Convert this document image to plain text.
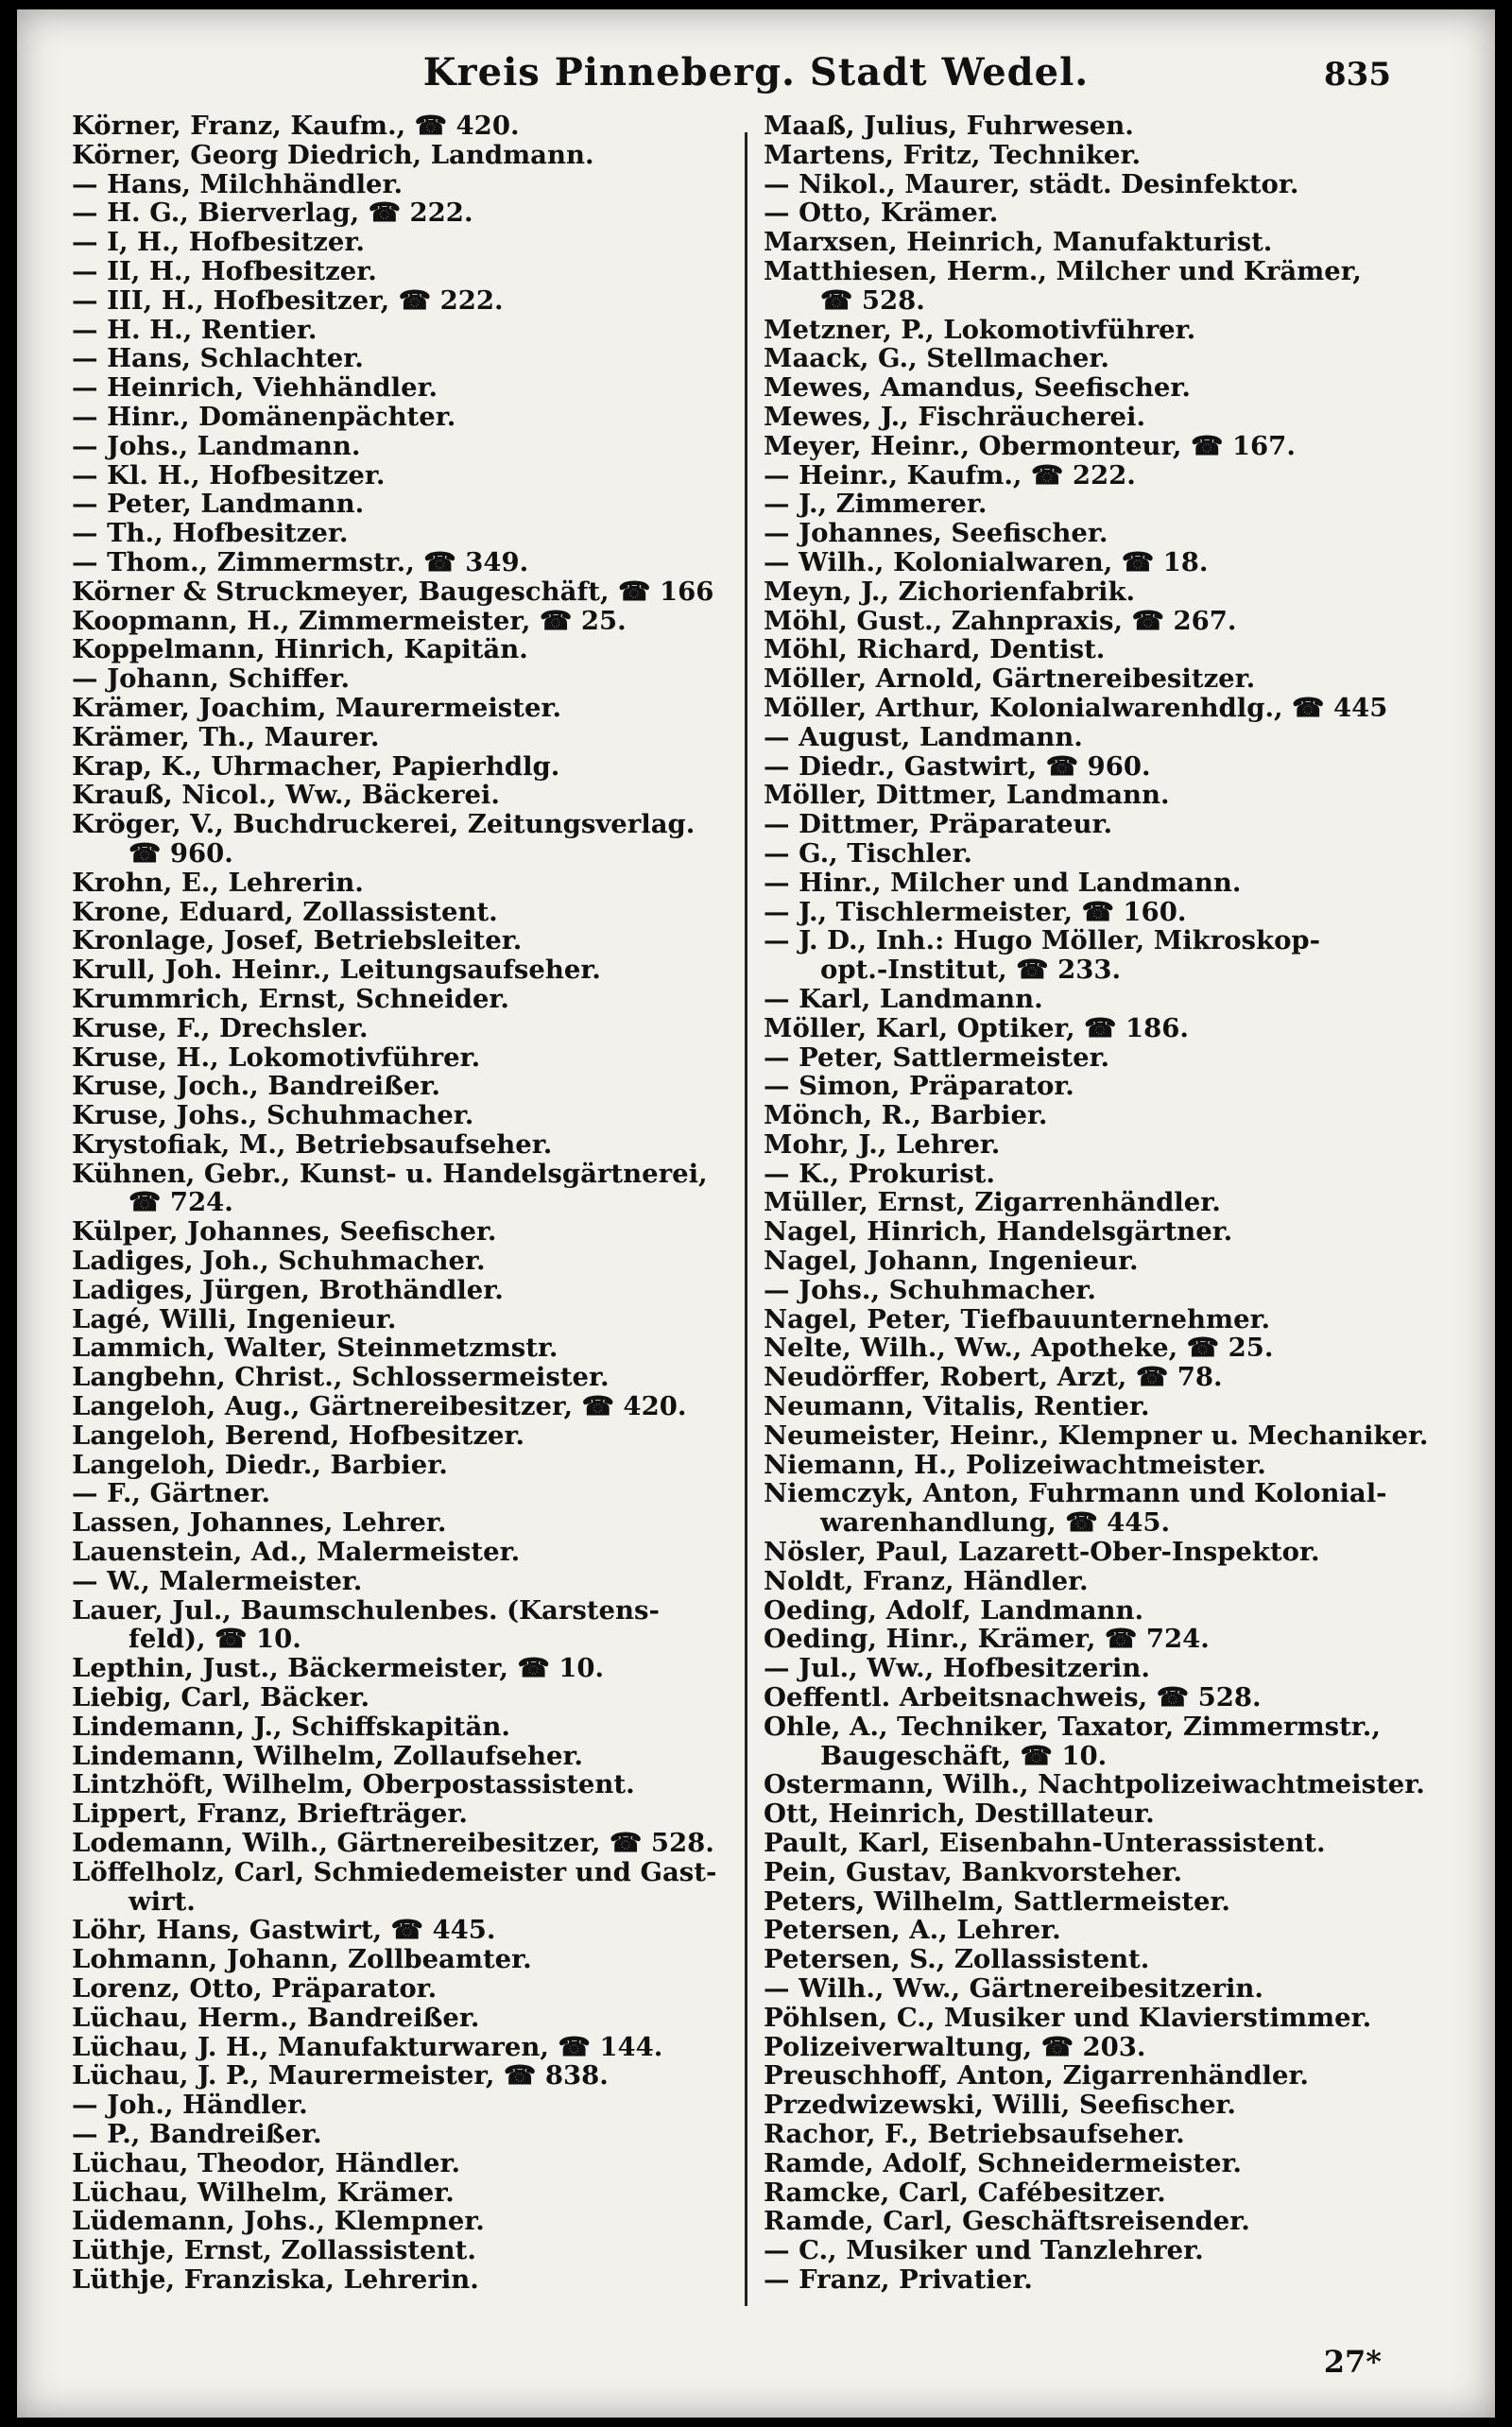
Kreis Pinneberg. Stadt Wedel.	835
Körner, Franz, Kaufm., ☎ 420.
Körner, Georg Diedrich, Landmann.
— Hans, Milchhändler.
— H. G., Bierverlag, ☎ 222.
— I, H., Hofbesitzer.
— II, H., Hofbesitzer.
— III, H., Hofbesitzer, ☎ 222.
— H. H., Rentier.
— Hans, Schlachter.
— Heinrich, Viehhändler.
— Hinr., Domänenpächter.
— Johs., Landmann.
— Kl. H., Hofbesitzer.
— Peter, Landmann.
— Th., Hofbesitzer.
— Thom., Zimmermstr., ☎ 349.
Körner & Struckmeyer, Baugeschäft, ☎ 166
Koopmann, H., Zimmermeister, ☎ 25.
Koppelmann, Hinrich, Kapitän.
— Johann, Schiffer.
Krämer, Joachim, Maurermeister.
Krämer, Th., Maurer.
Krap, K., Uhrmacher, Papierhdlg.
Krauß, Nicol., Ww., Bäckerei.
Kröger, V., Buchdruckerei, Zeitungsverlag.
☎ 960.
Krohn, E., Lehrerin.
Krone, Eduard, Zollassistent.
Kronlage, Josef, Betriebsleiter.
Krull, Joh. Heinr., Leitungsaufseher.
Krummrich, Ernst, Schneider.
Kruse, F., Drechsler.
Kruse, H., Lokomotivführer.
Kruse, Joch., Bandreißer.
Kruse, Johs., Schuhmacher.
Krystofiak, M., Betriebsaufseher.
Kühnen, Gebr., Kunst- u. Handelsgärtnerei,
☎ 724.
Külper, Johannes, Seefischer.
Ladiges, Joh., Schuhmacher.
Ladiges, Jürgen, Brothändler.
Lagé, Willi, Ingenieur.
Lammich, Walter, Steinmetzmstr.
Langbehn, Christ., Schlossermeister.
Langeloh, Aug., Gärtnereibesitzer, ☎ 420.
Langeloh, Berend, Hofbesitzer.
Langeloh, Diedr., Barbier.
— F., Gärtner.
Lassen, Johannes, Lehrer.
Lauenstein, Ad., Malermeister.
— W., Malermeister.
Lauer, Jul., Baumschulenbes. (Karstens-
feld), ☎ 10.
Lepthin, Just., Bäckermeister, ☎ 10.
Liebig, Carl, Bäcker.
Lindemann, J., Schiffskapitän.
Lindemann, Wilhelm, Zollaufseher.
Lintzhöft, Wilhelm, Oberpostassistent.
Lippert, Franz, Briefträger.
Lodemann, Wilh., Gärtnereibesitzer, ☎ 528.
Löffelholz, Carl, Schmiedemeister und Gast-
wirt.
Löhr, Hans, Gastwirt, ☎ 445.
Lohmann, Johann, Zollbeamter.
Lorenz, Otto, Präparator.
Lüchau, Herm., Bandreißer.
Lüchau, J. H., Manufakturwaren, ☎ 144.
Lüchau, J. P., Maurermeister, ☎ 838.
— Joh., Händler.
— P., Bandreißer.
Lüchau, Theodor, Händler.
Lüchau, Wilhelm, Krämer.
Lüdemann, Johs., Klempner.
Lüthje, Ernst, Zollassistent.
Lüthje, Franziska, Lehrerin.
Maaß, Julius, Fuhrwesen.
Martens, Fritz, Techniker.
— Nikol., Maurer, städt. Desinfektor.
— Otto, Krämer.
Marxsen, Heinrich, Manufakturist.
Matthiesen, Herm., Milcher und Krämer,
☎ 528.
Metzner, P., Lokomotivführer.
Maack, G., Stellmacher.
Mewes, Amandus, Seefischer.
Mewes, J., Fischräucherei.
Meyer, Heinr., Obermonteur, ☎ 167.
— Heinr., Kaufm., ☎ 222.
— J., Zimmerer.
— Johannes, Seefischer.
— Wilh., Kolonialwaren, ☎ 18.
Meyn, J., Zichorienfabrik.
Möhl, Gust., Zahnpraxis, ☎ 267.
Möhl, Richard, Dentist.
Möller, Arnold, Gärtnereibesitzer.
Möller, Arthur, Kolonialwarenhdlg., ☎ 445
— August, Landmann.
— Diedr., Gastwirt, ☎ 960.
Möller, Dittmer, Landmann.
— Dittmer, Präparateur.
— G., Tischler.
— Hinr., Milcher und Landmann.
— J., Tischlermeister, ☎ 160.
— J. D., Inh.: Hugo Möller, Mikroskop-
opt.-Institut, ☎ 233.
— Karl, Landmann.
Möller, Karl, Optiker, ☎ 186.
— Peter, Sattlermeister.
— Simon, Präparator.
Mönch, R., Barbier.
Mohr, J., Lehrer.
— K., Prokurist.
Müller, Ernst, Zigarrenhändler.
Nagel, Hinrich, Handelsgärtner.
Nagel, Johann, Ingenieur.
— Johs., Schuhmacher.
Nagel, Peter, Tiefbauunternehmer.
Nelte, Wilh., Ww., Apotheke, ☎ 25.
Neudörffer, Robert, Arzt, ☎ 78.
Neumann, Vitalis, Rentier.
Neumeister, Heinr., Klempner u. Mechaniker.
Niemann, H., Polizeiwachtmeister.
Niemczyk, Anton, Fuhrmann und Kolonial-
warenhandlung, ☎ 445.
Nösler, Paul, Lazarett-Ober-Inspektor.
Noldt, Franz, Händler.
Oeding, Adolf, Landmann.
Oeding, Hinr., Krämer, ☎ 724.
— Jul., Ww., Hofbesitzerin.
Oeffentl. Arbeitsnachweis, ☎ 528.
Ohle, A., Techniker, Taxator, Zimmermstr.,
Baugeschäft, ☎ 10.
Ostermann, Wilh., Nachtpolizeiwachtmeister.
Ott, Heinrich, Destillateur.
Pault, Karl, Eisenbahn-Unterassistent.
Pein, Gustav, Bankvorsteher.
Peters, Wilhelm, Sattlermeister.
Petersen, A., Lehrer.
Petersen, S., Zollassistent.
— Wilh., Ww., Gärtnereibesitzerin.
Pöhlsen, C., Musiker und Klavierstimmer.
Polizeiverwaltung, ☎ 203.
Preuschhoff, Anton, Zigarrenhändler.
Przedwizewski, Willi, Seefischer.
Rachor, F., Betriebsaufseher.
Ramde, Adolf, Schneidermeister.
Ramcke, Carl, Cafébesitzer.
Ramde, Carl, Geschäftsreisender.
— C., Musiker und Tanzlehrer.
— Franz, Privatier.
27*
